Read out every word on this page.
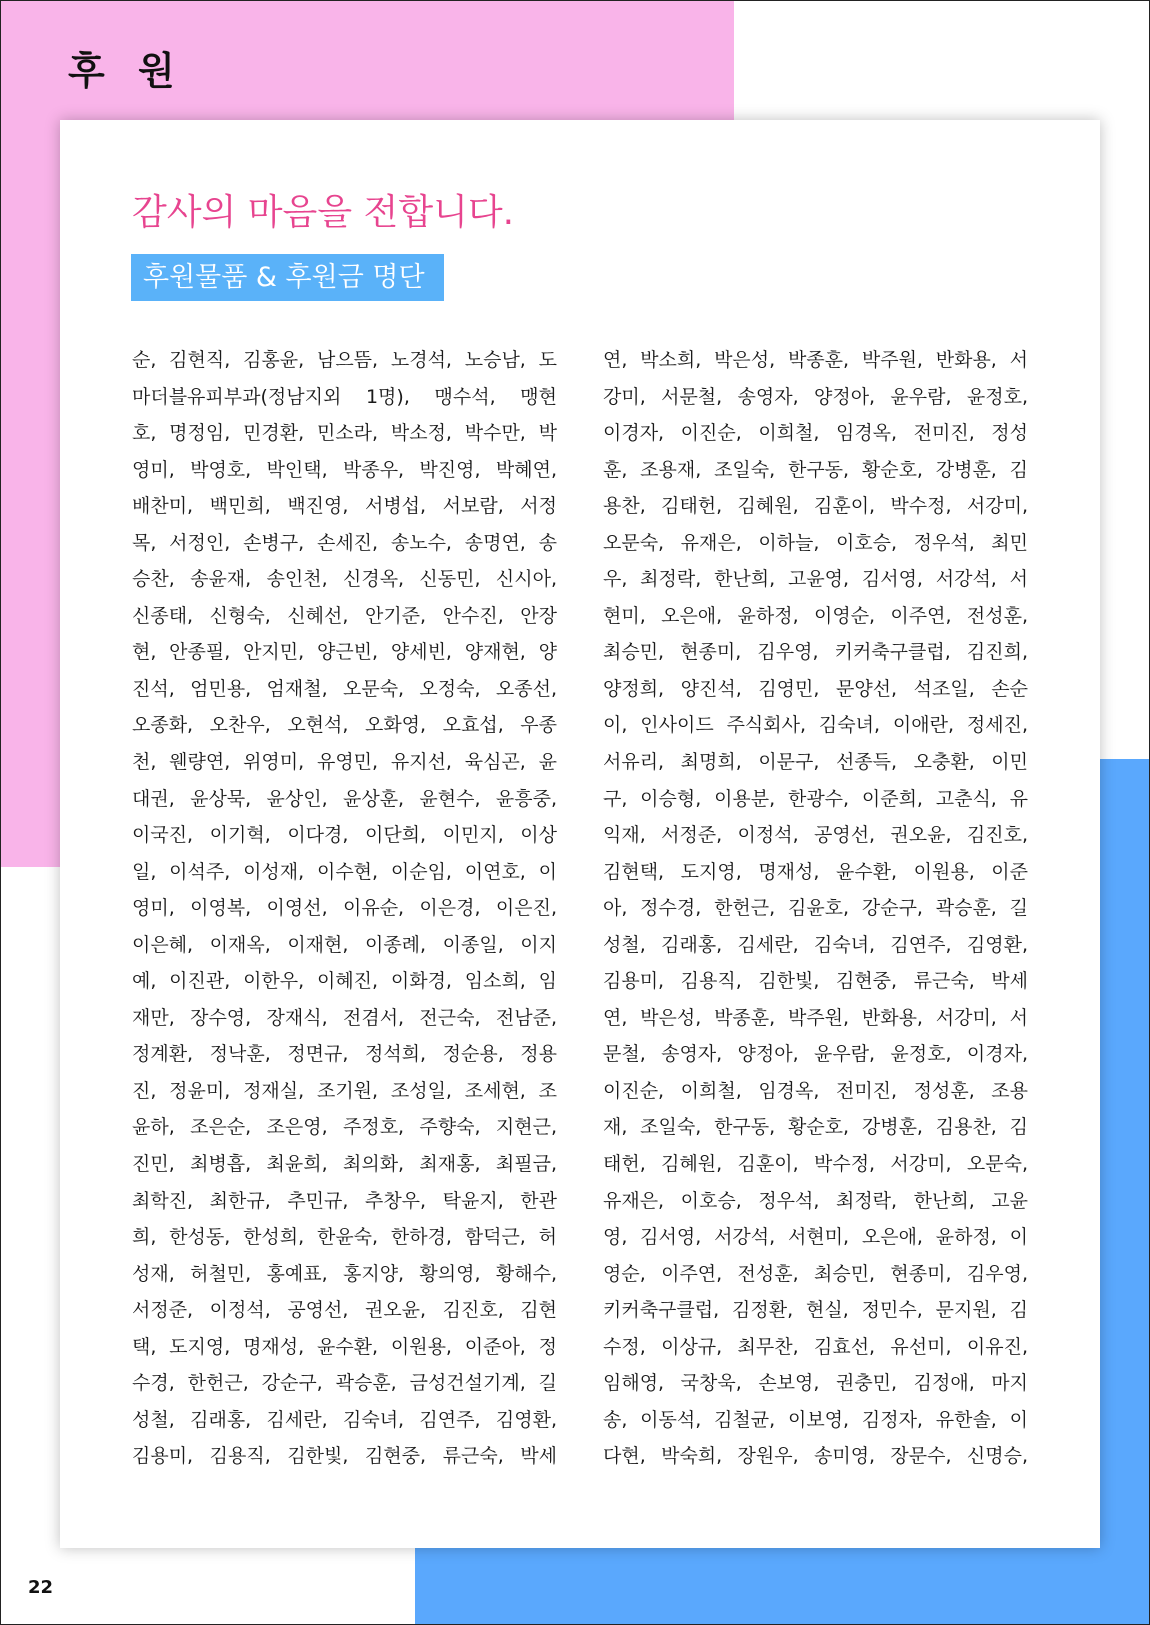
후 원
감사의 마음을 전합니다.
후원물품 & 후원금 명단
순, 김현직, 김홍윤, 남으뜸, 노경석, 노승남, 도
마더블유피부과(정남지외 1명), 맹수석, 맹현
호, 명정임, 민경환, 민소라, 박소정, 박수만, 박
영미, 박영호, 박인택, 박종우, 박진영, 박혜연,
배찬미, 백민희, 백진영, 서병섭, 서보람, 서정
목, 서정인, 손병구, 손세진, 송노수, 송명연, 송
승찬, 송윤재, 송인천, 신경옥, 신동민, 신시아,
신종태, 신형숙, 신혜선, 안기준, 안수진, 안장
현, 안종필, 안지민, 양근빈, 양세빈, 양재현, 양
진석, 엄민용, 엄재철, 오문숙, 오정숙, 오종선,
오종화, 오찬우, 오현석, 오화영, 오효섭, 우종
천, 웬량연, 위영미, 유영민, 유지선, 육심곤, 윤
대권, 윤상묵, 윤상인, 윤상훈, 윤현수, 윤흥중,
이국진, 이기혁, 이다경, 이단희, 이민지, 이상
일, 이석주, 이성재, 이수현, 이순임, 이연호, 이
영미, 이영복, 이영선, 이유순, 이은경, 이은진,
이은혜, 이재옥, 이재현, 이종례, 이종일, 이지
예, 이진관, 이한우, 이혜진, 이화경, 임소희, 임
재만, 장수영, 장재식, 전겸서, 전근숙, 전남준,
정계환, 정낙훈, 정면규, 정석희, 정순용, 정용
진, 정윤미, 정재실, 조기원, 조성일, 조세현, 조
윤하, 조은순, 조은영, 주정호, 주향숙, 지현근,
진민, 최병흡, 최윤희, 최의화, 최재홍, 최필금,
최학진, 최한규, 추민규, 추창우, 탁윤지, 한관
희, 한성동, 한성희, 한윤숙, 한하경, 함덕근, 허
성재, 허철민, 홍예표, 홍지양, 황의영, 황해수,
서정준, 이정석, 공영선, 권오윤, 김진호, 김현
택, 도지영, 명재성, 윤수환, 이원용, 이준아, 정
수경, 한헌근, 강순구, 곽승훈, 금성건설기계, 길
성철, 김래홍, 김세란, 김숙녀, 김연주, 김영환,
김용미, 김용직, 김한빛, 김현중, 류근숙, 박세
연, 박소희, 박은성, 박종훈, 박주원, 반화용, 서
강미, 서문철, 송영자, 양정아, 윤우람, 윤정호,
이경자, 이진순, 이희철, 임경옥, 전미진, 정성
훈, 조용재, 조일숙, 한구동, 황순호, 강병훈, 김
용찬, 김태헌, 김혜원, 김훈이, 박수정, 서강미,
오문숙, 유재은, 이하늘, 이호승, 정우석, 최민
우, 최정락, 한난희, 고윤영, 김서영, 서강석, 서
현미, 오은애, 윤하정, 이영순, 이주연, 전성훈,
최승민, 현종미, 김우영, 키커축구클럽, 김진희,
양정희, 양진석, 김영민, 문양선, 석조일, 손순
이, 인사이드 주식회사, 김숙녀, 이애란, 정세진,
서유리, 최명희, 이문구, 선종득, 오충환, 이민
구, 이승형, 이용분, 한광수, 이준희, 고춘식, 유
익재, 서정준, 이정석, 공영선, 권오윤, 김진호,
김현택, 도지영, 명재성, 윤수환, 이원용, 이준
아, 정수경, 한헌근, 김윤호, 강순구, 곽승훈, 길
성철, 김래홍, 김세란, 김숙녀, 김연주, 김영환,
김용미, 김용직, 김한빛, 김현중, 류근숙, 박세
연, 박은성, 박종훈, 박주원, 반화용, 서강미, 서
문철, 송영자, 양정아, 윤우람, 윤정호, 이경자,
이진순, 이희철, 임경옥, 전미진, 정성훈, 조용
재, 조일숙, 한구동, 황순호, 강병훈, 김용찬, 김
태헌, 김혜원, 김훈이, 박수정, 서강미, 오문숙,
유재은, 이호승, 정우석, 최정락, 한난희, 고윤
영, 김서영, 서강석, 서현미, 오은애, 윤하정, 이
영순, 이주연, 전성훈, 최승민, 현종미, 김우영,
키커축구클럽, 김정환, 현실, 정민수, 문지원, 김
수정, 이상규, 최무찬, 김효선, 유선미, 이유진,
임해영, 국창욱, 손보영, 권충민, 김정애, 마지
송, 이동석, 김철균, 이보영, 김정자, 유한솔, 이
다현, 박숙희, 장원우, 송미영, 장문수, 신명승,
22
